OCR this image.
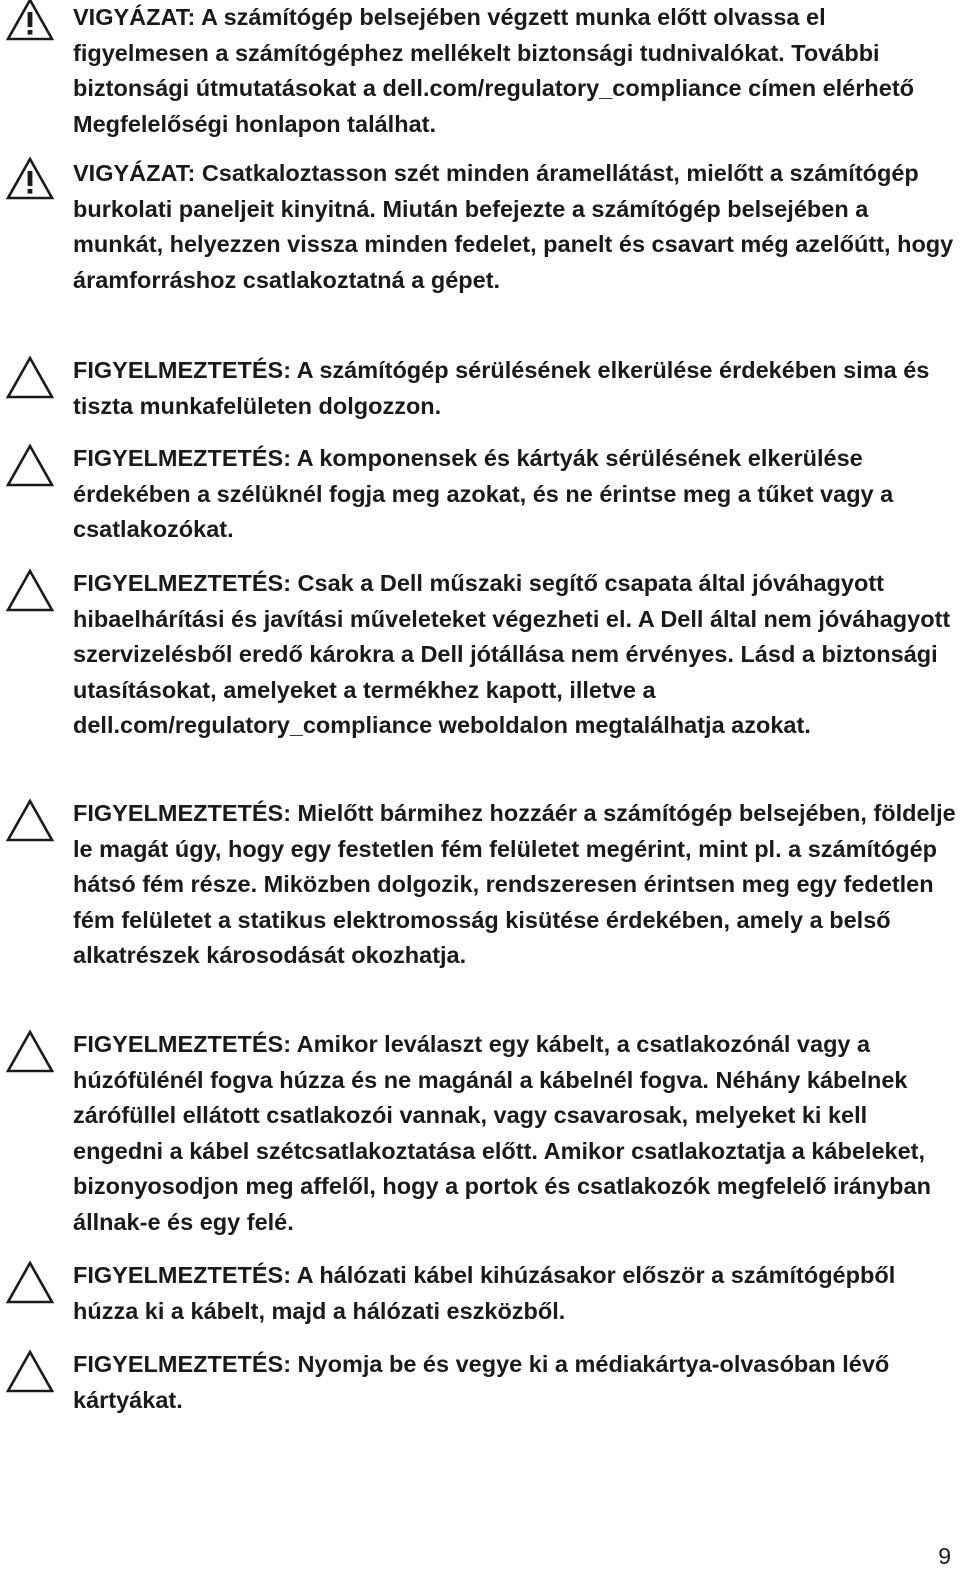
VIGYÁZAT: A számítógép belsejében végzett munka előtt olvassa el figyelmesen a számítógéphez mellékelt biztonsági tudnivalókat. További biztonsági útmutatásokat a dell.com/regulatory_compliance címen elérhető Megfelelőségi honlapon találhat.

VIGYÁZAT: Csatkaloztasson szét minden áramellátást, mielőtt a számítógép burkolati paneljeit kinyitná. Miután befejezte a számítógép belsejében a munkát, helyezzen vissza minden fedelet, panelt és csavart még azelőútt, hogy áramforráshoz csatlakoztatná a gépet.

FIGYELMEZTETÉS: A számítógép sérülésének elkerülése érdekében sima és tiszta munkafelületen dolgozzon.

FIGYELMEZTETÉS: A komponensek és kártyák sérülésének elkerülése érdekében a szélüknél fogja meg azokat, és ne érintse meg a tűket vagy a csatlakozókat.

FIGYELMEZTETÉS: Csak a Dell műszaki segítő csapata által jóváhagyott hibaelhárítási és javítási műveleteket végezheti el. A Dell által nem jóváhagyott szervizelésből eredő károkra a Dell jótállása nem érvényes. Lásd a biztonsági utasításokat, amelyeket a termékhez kapott, illetve a dell.com/regulatory_compliance weboldalon megtalálhatja azokat.

FIGYELMEZTETÉS: Mielőtt bármihez hozzáér a számítógép belsejében, földelje le magát úgy, hogy egy festetlen fém felületet megérint, mint pl. a számítógép hátsó fém része. Miközben dolgozik, rendszeresen érintsen meg egy fedetlen fém felületet a statikus elektromosság kisütése érdekében, amely a belső alkatrészek károsodását okozhatja.

FIGYELMEZTETÉS: Amikor leválaszt egy kábelt, a csatlakozónál vagy a húzófülénél fogva húzza és ne magánál a kábelnél fogva. Néhány kábelnek zárófüllel ellátott csatlakozói vannak, vagy csavarosak, melyeket ki kell engedni a kábel szétcsatlakoztatása előtt. Amikor csatlakoztatja a kábeleket, bizonyosodjon meg affelől, hogy a portok és csatlakozók megfelelő irányban állnak-e és egy felé.

FIGYELMEZTETÉS: A hálózati kábel kihúzásakor először a számítógépből húzza ki a kábelt, majd a hálózati eszközből.

FIGYELMEZTETÉS: Nyomja be és vegye ki a médiakártya-olvasóban lévő kártyákat.

9
